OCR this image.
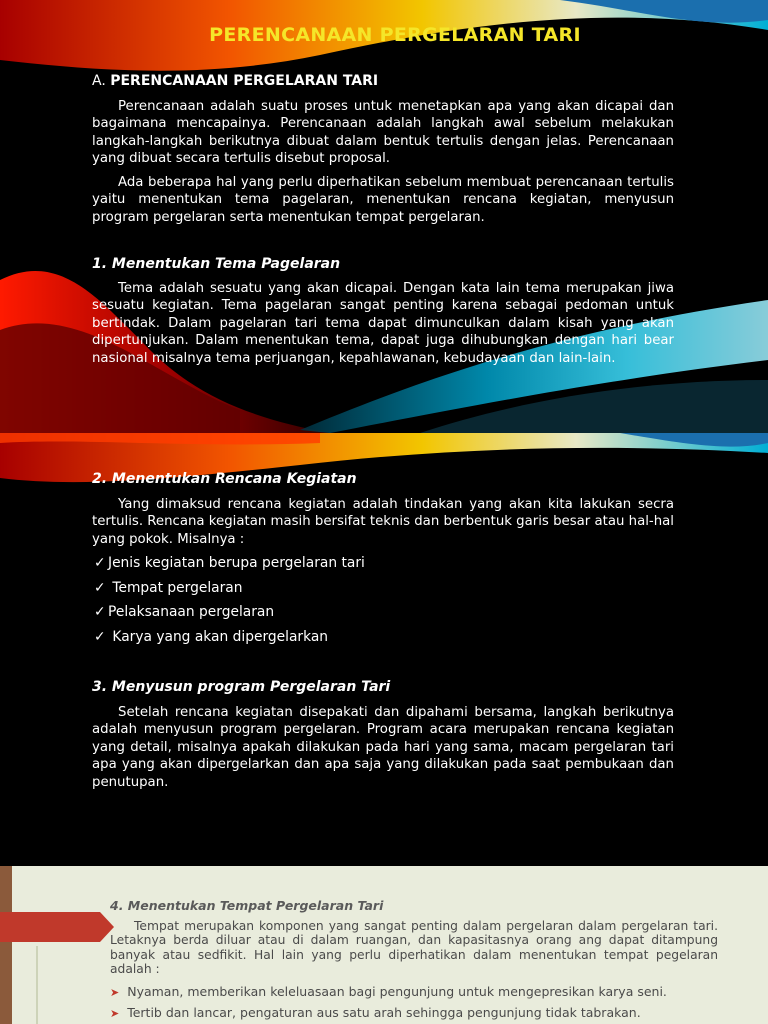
PERENCANAAN PERGELARAN TARI
A. PERENCANAAN PERGELARAN TARI

Perencanaan adalah suatu proses untuk menetapkan apa yang akan dicapai dan bagaimana mencapainya. Perencanaan adalah langkah awal sebelum melakukan langkah-langkah berikutnya dibuat dalam bentuk tertulis dengan jelas. Perencanaan yang dibuat secara tertulis disebut proposal.

Ada beberapa hal yang perlu diperhatikan sebelum membuat perencanaan tertulis yaitu menentukan tema pagelaran, menentukan rencana kegiatan, menyusun program pergelaran serta menentukan tempat pergelaran.

1. Menentukan Tema Pagelaran

Tema adalah sesuatu yang akan dicapai. Dengan kata lain tema merupakan jiwa sesuatu kegiatan. Tema pagelaran sangat penting karena sebagai pedoman untuk bertindak. Dalam pagelaran tari tema dapat dimunculkan dalam kisah yang akan dipertunjukan. Dalam menentukan tema, dapat juga dihubungkan dengan hari bear nasional misalnya tema perjuangan, kepahlawanan, kebudayaan dan lain-lain.

2. Menentukan Rencana Kegiatan

Yang dimaksud rencana kegiatan adalah tindakan yang akan kita lakukan secra tertulis. Rencana kegiatan masih bersifat teknis dan berbentuk garis besar atau hal-hal yang pokok. Misalnya :

✓ Jenis kegiatan berupa pergelaran tari
✓ Tempat pergelaran
✓ Pelaksanaan pergelaran
✓ Karya yang akan dipergelarkan
3. Menyusun program Pergelaran Tari

Setelah rencana kegiatan disepakati dan dipahami bersama, langkah berikutnya adalah menyusun program pergelaran. Program acara merupakan rencana kegiatan yang detail, misalnya apakah dilakukan pada hari yang sama, macam pergelaran tari apa yang akan dipergelarkan dan apa saja yang dilakukan pada saat pembukaan dan penutupan.

4. Menentukan Tempat Pergelaran Tari

Tempat merupakan komponen yang sangat penting dalam pergelaran dalam pergelaran tari. Letaknya berda diluar atau di dalam ruangan, dan kapasitasnya orang ang dapat ditampung banyak atau sedfikit. Hal lain yang perlu diperhatikan dalam menentukan tempat pegelaran adalah :

➤ Nyaman, memberikan keleluasaan bagi pengunjung untuk mengepresikan karya seni.
➤ Tertib dan lancar, pengaturan aus satu arah sehingga pengunjung tidak tabrakan.
